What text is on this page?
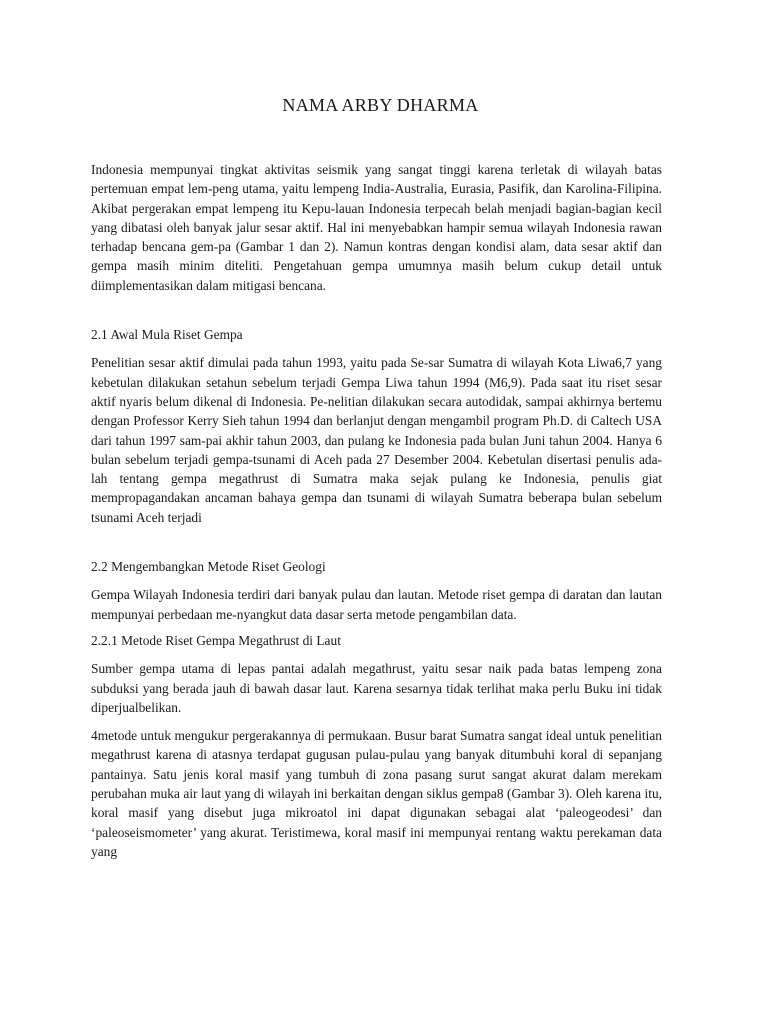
NAMA ARBY DHARMA

Indonesia mempunyai tingkat aktivitas seismik yang sangat tinggi karena terletak di wilayah batas pertemuan empat lem-peng utama, yaitu lempeng India-Australia, Eurasia, Pasifik, dan Karolina-Filipina. Akibat pergerakan empat lempeng itu Kepu-lauan Indonesia terpecah belah menjadi bagian-bagian kecil yang dibatasi oleh banyak jalur sesar aktif. Hal ini menyebabkan hampir semua wilayah Indonesia rawan terhadap bencana gem-pa (Gambar 1 dan 2). Namun kontras dengan kondisi alam, data sesar aktif dan gempa masih minim diteliti. Pengetahuan gempa umumnya masih belum cukup detail untuk diimplementasikan dalam mitigasi bencana.

2.1 Awal Mula Riset Gempa

Penelitian sesar aktif dimulai pada tahun 1993, yaitu pada Se-sar Sumatra di wilayah Kota Liwa6,7 yang kebetulan dilakukan setahun sebelum terjadi Gempa Liwa tahun 1994 (M6,9). Pada saat itu riset sesar aktif nyaris belum dikenal di Indonesia. Pe-nelitian dilakukan secara autodidak, sampai akhirnya bertemu dengan Professor Kerry Sieh tahun 1994 dan berlanjut dengan mengambil program Ph.D. di Caltech USA dari tahun 1997 sam-pai akhir tahun 2003, dan pulang ke Indonesia pada bulan Juni tahun 2004. Hanya 6 bulan sebelum terjadi gempa-tsunami di Aceh pada 27 Desember 2004. Kebetulan disertasi penulis ada-lah tentang gempa megathrust di Sumatra maka sejak pulang ke Indonesia, penulis giat mempropagandakan ancaman bahaya gempa dan tsunami di wilayah Sumatra beberapa bulan sebelum tsunami Aceh terjadi

2.2 Mengembangkan Metode Riset Geologi

Gempa Wilayah Indonesia terdiri dari banyak pulau dan lautan. Metode riset gempa di daratan dan lautan mempunyai perbedaan me-nyangkut data dasar serta metode pengambilan data.

2.2.1 Metode Riset Gempa Megathrust di Laut

Sumber gempa utama di lepas pantai adalah megathrust, yaitu sesar naik pada batas lempeng zona subduksi yang berada jauh di bawah dasar laut. Karena sesarnya tidak terlihat maka perlu Buku ini tidak diperjualbelikan.

4metode untuk mengukur pergerakannya di permukaan. Busur barat Sumatra sangat ideal untuk penelitian megathrust karena di atasnya terdapat gugusan pulau-pulau yang banyak ditumbuhi koral di sepanjang pantainya. Satu jenis koral masif yang tumbuh di zona pasang surut sangat akurat dalam merekam perubahan muka air laut yang di wilayah ini berkaitan dengan siklus gempa8 (Gambar 3). Oleh karena itu, koral masif yang disebut juga mikroatol ini dapat digunakan sebagai alat ‘paleogeodesi’ dan ‘paleoseismometer’ yang akurat. Teristimewa, koral masif ini mempunyai rentang waktu perekaman data yang
